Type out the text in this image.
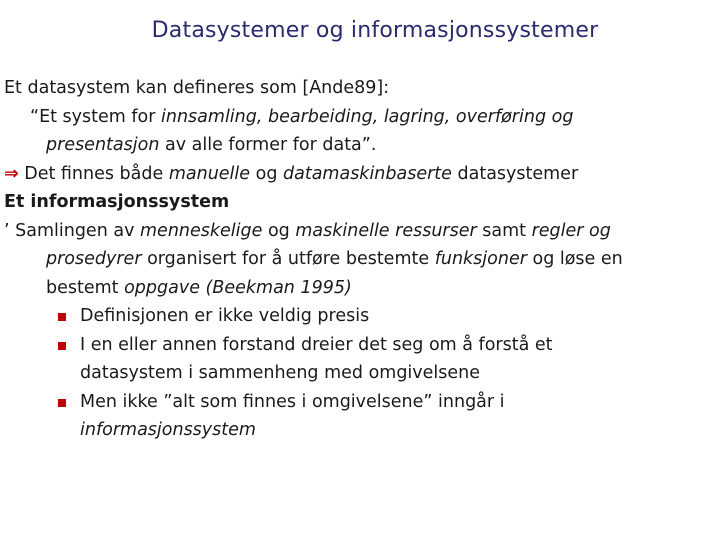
Datasystemer og informasjonssystemer
Et datasystem kan defineres som [Ande89]:
“Et system for innsamling, bearbeiding, lagring, overføring og
presentasjon av alle former for data”.
⇒ Det finnes både manuelle og datamaskinbaserte datasystemer
Et informasjonssystem
’ Samlingen av menneskelige og maskinelle ressurser samt regler og
prosedyrer organisert for å utføre bestemte funksjoner og løse en
bestemt oppgave (Beekman 1995)
Definisjonen er ikke veldig presis
I en eller annen forstand dreier det seg om å forstå et
datasystem i sammenheng med omgivelsene
Men ikke ”alt som finnes i omgivelsene” inngår i
informasjonssystem
